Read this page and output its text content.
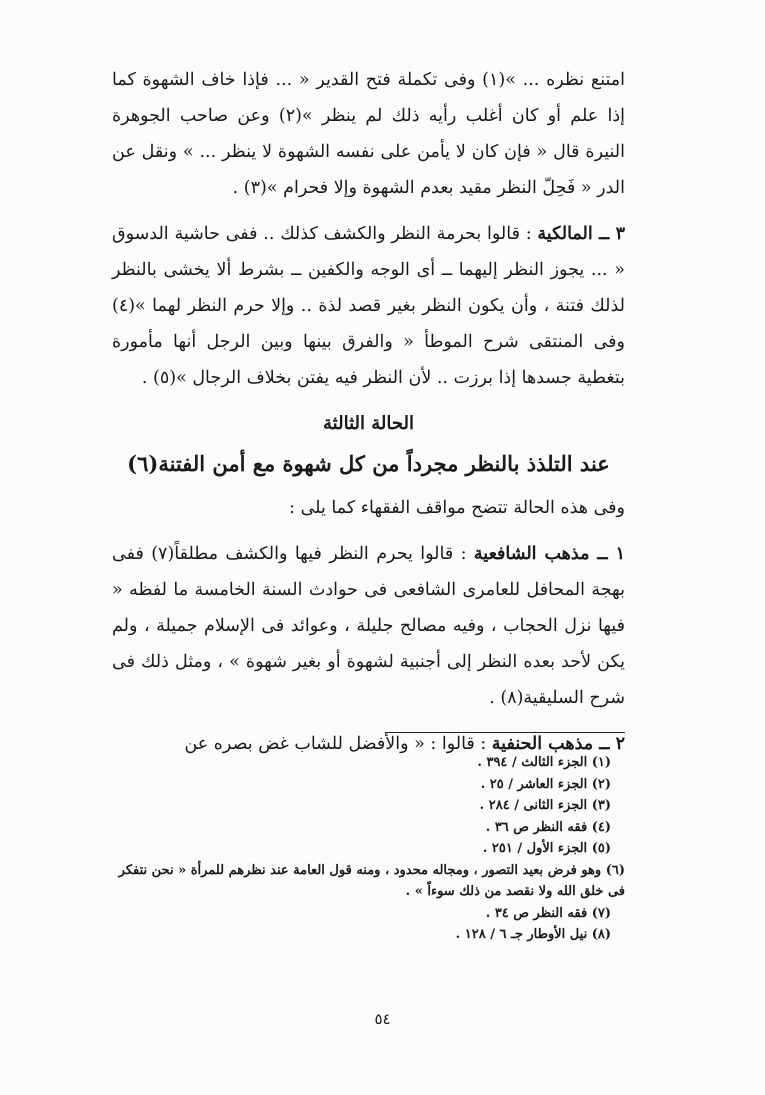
امتنع نظره ... »(١) وفى تكملة فتح القدير « ... فإذا خاف الشهوة كما إذا علم أو كان أغلب رأيه ذلك لم ينظر »(٢) وعن صاحب الجوهرة النيرة قال « فإن كان لا يأمن على نفسه الشهوة لا ينظر ... » ونقل عن الدر « فَحِلّ النظر مقيد بعدم الشهوة وإلا فحرام »(٣) .

٣ ــ المالكية : قالوا بحرمة النظر والكشف كذلك .. ففى حاشية الدسوق « ... يجوز النظر إليهما ــ أى الوجه والكفين ــ بشرط ألا يخشى بالنظر لذلك فتنة ، وأن يكون النظر بغير قصد لذة .. وإلا حرم النظر لهما »(٤) وفى المنتقى شرح الموطأ « والفرق بينها وبين الرجل أنها مأمورة بتغطية جسدها إذا برزت .. لأن النظر فيه يفتن بخلاف الرجال »(٥) .

الحالة الثالثة
عند التلذذ بالنظر مجرداً من كل شهوة مع أمن الفتنة(٦)

وفى هذه الحالة تتضح مواقف الفقهاء كما يلى :

١ ــ مذهب الشافعية : قالوا يحرم النظر فيها والكشف مطلقاً(٧) ففى بهجة المحافل للعامرى الشافعى فى حوادث السنة الخامسة ما لفظه « فيها نزل الحجاب ، وفيه مصالح جليلة ، وعوائد فى الإسلام جميلة ، ولم يكن لأحد بعده النظر إلى أجنبية لشهوة أو بغير شهوة » ، ومثل ذلك فى شرح السليقية(٨) .

٢ ــ مذهب الحنفية : قالوا : « والأفضل للشاب غض بصره عن

(١) الجزء الثالث / ٣٩٤ .

(٢) الجزء العاشر / ٢٥ .

(٣) الجزء الثانى / ٢٨٤ .

(٤) فقه النظر ص ٣٦ .

(٥) الجزء الأول / ٢٥١ .

(٦) وهو فرض بعيد التصور ، ومجاله محدود ، ومنه قول العامة عند نظرهم للمرأة « نحن نتفكر فى خلق الله ولا نقصد من ذلك سوءاً » .

(٧) فقه النظر ص ٣٤ .

(٨) نيل الأوطار جـ ٦ / ١٢٨ .

٥٤
